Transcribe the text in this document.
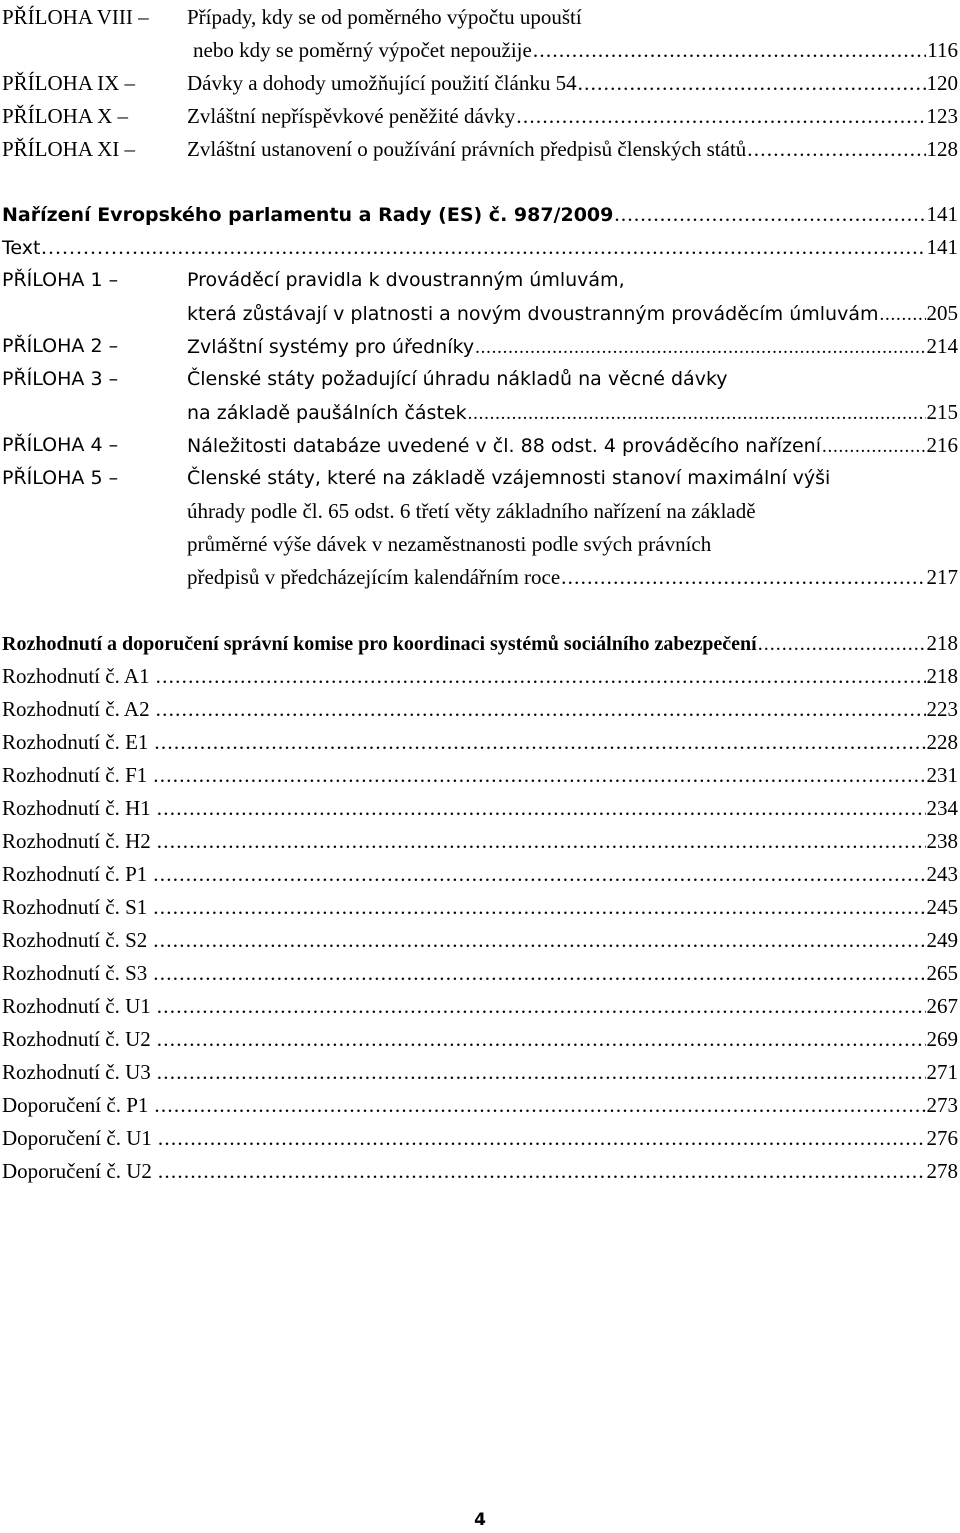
PŘÍLOHA VIII – Případy, kdy se od poměrného výpočtu upouští
nebo kdy se poměrný výpočet nepoužije . . .	116
PŘÍLOHA IX – Dávky a dohody umožňující použití článku 54 . . .	120
PŘÍLOHA X –	Zvláštní nepříspěvkové peněžité dávky . . .	123
PŘÍLOHA XI – Zvláštní ustanovení o používání právních předpisů členských států . . .	128
Nařízení Evropského parlamentu a Rady (ES) č. 987/2009 . . .	141
Text ……………. . . .	141
PŘÍLOHA 1 –	Prováděcí pravidla k dvoustranným úmluvám,
která zůstávají v platnosti a novým dvoustranným prováděcím úmluvám . . . 205
PŘÍLOHA 2 –	Zvláštní systémy pro úředníky . . .	214
PŘÍLOHA 3 –	Členské státy požadující úhradu nákladů na věcné dávky
na základě paušálních částek . . .	215
PŘÍLOHA 4 –	Náležitosti databáze uvedené v čl. 88 odst. 4 prováděcího nařízení . . .	216
PŘÍLOHA 5 –	Členské státy, které na základě vzájemnosti stanoví maximální výši
úhrady podle čl. 65 odst. 6 třetí věty základního nařízení na základě
průměrné výše dávek v nezaměstnanosti podle svých právních
předpisů v předcházejícím kalendářním roce . . .	217
Rozhodnutí a doporučení správní komise pro koordinaci systémů sociálního zabezpečení . . .	218
Rozhodnutí č. A1 . . .	218
Rozhodnutí č. A2 . . .	223
Rozhodnutí č. E1 . . .	228
Rozhodnutí č. F1 . . .	231
Rozhodnutí č. H1 . . .	234
Rozhodnutí č. H2 . . .	238
Rozhodnutí č. P1 . . .	243
Rozhodnutí č. S1 . . .	245
Rozhodnutí č. S2 . . .	249
Rozhodnutí č. S3 . . .	265
Rozhodnutí č. U1 . . .	267
Rozhodnutí č. U2 . . .	269
Rozhodnutí č. U3 . . .	271
Doporučení č. P1 . . .	273
Doporučení č. U1 . . .	276
Doporučení č. U2 . . .	278
4
